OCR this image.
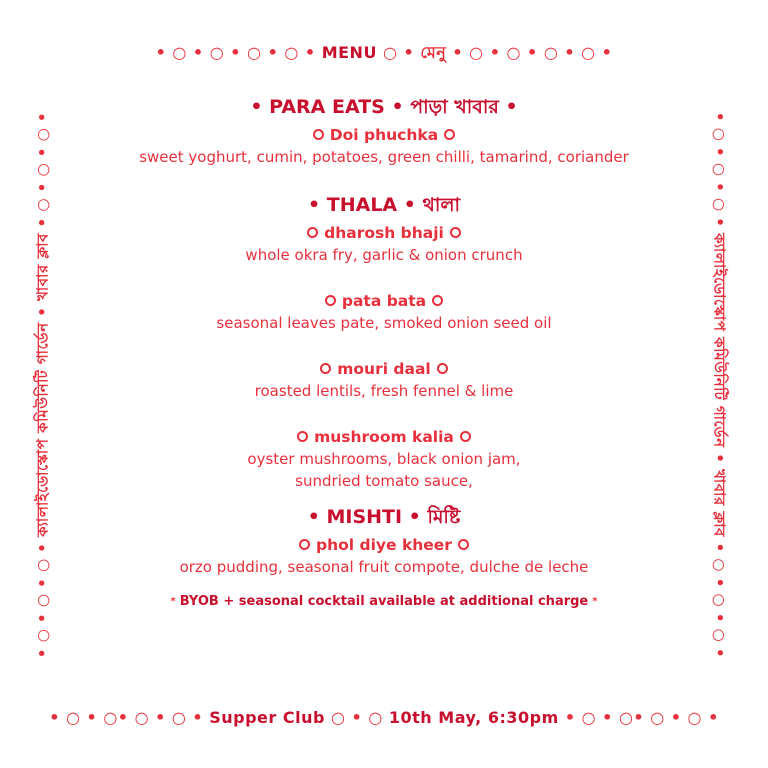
• ○ • ○ • ○ • ○ • MENU ○ • মেনু • ○ • ○ • ○ • ○ •
• ○ • ○ • ○ • ক্যালাইডোস্কোপ কমিউনিটি গার্ডেন • খাবার ক্লাব • ○ • ○ • ○ •	• ○ • ○ • ○ • ক্যালাইডোস্কোপ কমিউনিটি গার্ডেন • খাবার ক্লাব • ○ • ○ • ○ •
• PARA EATS • পাড়া খাবার •
Doi phuchka
sweet yoghurt, cumin, potatoes, green chilli, tamarind, coriander
• THALA • থালা
dharosh bhaji
whole okra fry, garlic & onion crunch
pata bata
seasonal leaves pate, smoked onion seed oil
mouri daal
roasted lentils, fresh fennel & lime
mushroom kalia
oyster mushrooms, black onion jam, sundried tomato sauce,
• MISHTI • মিষ্টি
phol diye kheer
orzo pudding, seasonal fruit compote, dulche de leche
* BYOB + seasonal cocktail available at additional charge *
• ○ • ○• ○ • ○ • Supper Club ○ • ○ 10th May, 6:30pm • ○ • ○• ○ • ○ •
